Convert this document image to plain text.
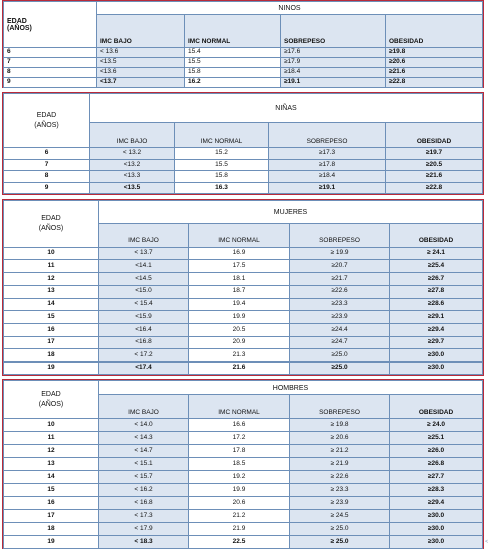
EDAD
(AÑOS)	NINOS			
	IMC BAJO	IMC NORMAL	SOBREPESO	OBESIDAD
6	< 13.6	15.4	≥17.6	≥19.8
7	<13.5	15.5	≥17.9	≥20.6
8	<13.6	15.8	≥18.4	≥21.6
9	<13.7	16.2	≥19.1	≥22.8
EDAD
(AÑOS)	NIÑAS			
	IMC BAJO	IMC NORMAL	SOBREPESO	OBESIDAD
6	< 13.2	15.2	≥17.3	≥19.7
7	<13.2	15.5	≥17.8	≥20.5
8	<13.3	15.8	≥18.4	≥21.6
9	<13.5	16.3	≥19.1	≥22.8
EDAD
(AÑOS)	MUJERES			
	IMC BAJO	IMC NORMAL	SOBREPESO	OBESIDAD
10	< 13.7	16.9	≥ 19.9	≥ 24.1
11	<14.1	17.5	≥20.7	≥25.4
12	<14.5	18.1	≥21.7	≥26.7
13	<15.0	18.7	≥22.6	≥27.8
14	< 15.4	19.4	≥23.3	≥28.6
15	<15.9	19.9	≥23.9	≥29.1
16	<16.4	20.5	≥24.4	≥29.4
17	<16.8	20.9	≥24.7	≥29.7
18	< 17.2	21.3	≥25.0	≥30.0
19	<17.4	21.6	≥25.0	≥30.0
EDAD
(AÑOS)	HOMBRES			
	IMC BAJO	IMC NORMAL	SOBREPESO	OBESIDAD
10	< 14.0	16.6	≥ 19.8	≥ 24.0
11	< 14.3	17.2	≥ 20.6	≥25.1
12	< 14.7	17.8	≥ 21.2	≥26.0
13	< 15.1	18.5	≥ 21.9	≥26.8
14	< 15.7	19.2	≥ 22.6	≥27.7
15	< 16.2	19.9	≥ 23.3	≥28.3
16	< 16.8	20.6	≥ 23.9	≥29.4
17	< 17.3	21.2	≥ 24.5	≥30.0
18	< 17.9	21.9	≥ 25.0	≥30.0
19	< 18.3	22.5	≥ 25.0	≥30.0	<
